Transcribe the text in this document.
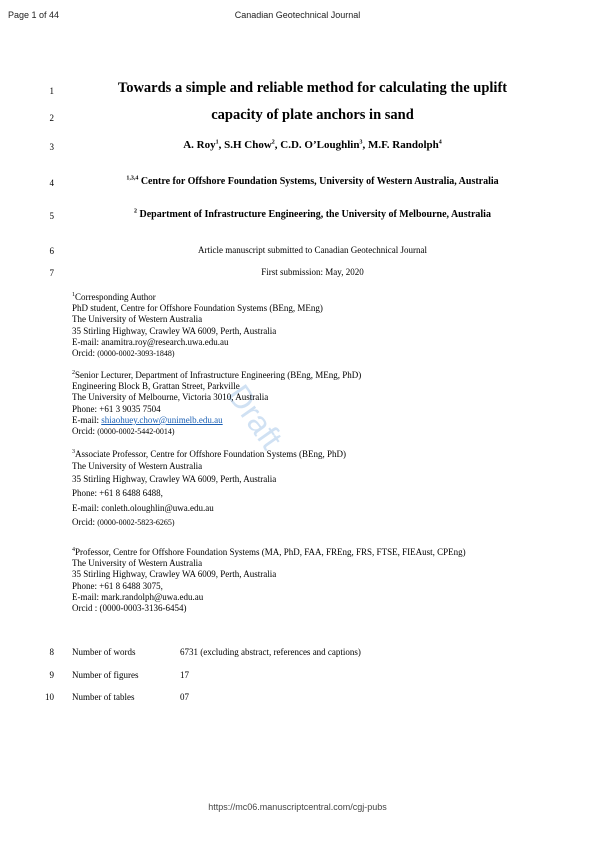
Page 1 of 44	Canadian Geotechnical Journal
Draft
1
2
3
4
5
6
7
8
9
10
Towards a simple and reliable method for calculating the uplift
capacity of plate anchors in sand
A. Roy$^1$, S.H Chow$^2$, C.D. O’Loughlin$^3$, M.F. Randolph$^4$
$^{1,3,4}$ Centre for Offshore Foundation Systems, University of Western Australia, Australia
$^2$ Department of Infrastructure Engineering, the University of Melbourne, Australia
Article manuscript submitted to Canadian Geotechnical Journal
First submission: May, 2020
$^1$Corresponding Author
PhD student, Centre for Offshore Foundation Systems (BEng, MEng)
The University of Western Australia
35 Stirling Highway, Crawley WA 6009, Perth, Australia
E-mail: anamitra.roy@research.uwa.edu.au
Orcid: (0000-0002-3093-1848)
$^2$Senior Lecturer, Department of Infrastructure Engineering (BEng, MEng, PhD)
Engineering Block B, Grattan Street, Parkville
The University of Melbourne, Victoria 3010, Australia
Phone: +61 3 9035 7504
E-mail: shiaohuey.chow@unimelb.edu.au
Orcid: (0000-0002-5442-0014)
$^3$Associate Professor, Centre for Offshore Foundation Systems (BEng, PhD)
The University of Western Australia
35 Stirling Highway, Crawley WA 6009, Perth, Australia
Phone: +61 8 6488 6488,
E-mail: conleth.oloughlin@uwa.edu.au
Orcid: (0000-0002-5823-6265)
$^4$Professor, Centre for Offshore Foundation Systems (MA, PhD, FAA, FREng, FRS, FTSE, FIEAust, CPEng)
The University of Western Australia
35 Stirling Highway, Crawley WA 6009, Perth, Australia
Phone: +61 8 6488 3075,
E-mail: mark.randolph@uwa.edu.au
Orcid : (0000-0003-3136-6454)
Number of words	6731 (excluding abstract, references and captions)
Number of figures	17
Number of tables	07
https://mc06.manuscriptcentral.com/cgj-pubs
